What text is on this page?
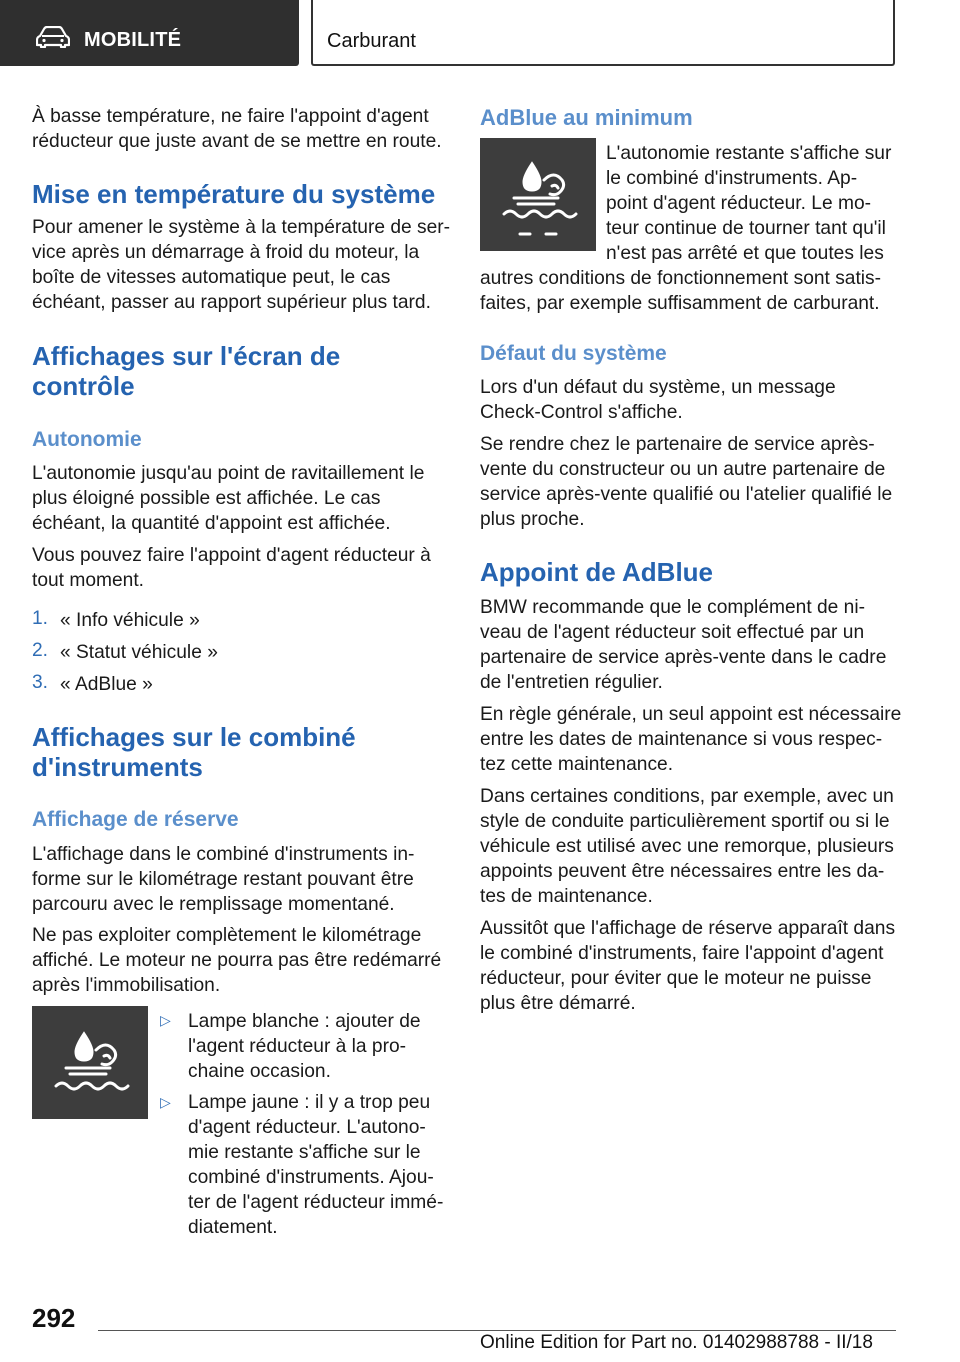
MOBILITÉ	Carburant
À basse température, ne faire l'appoint d'agent
réducteur que juste avant de se mettre en route.
Mise en température du système
Pour amener le système à la température de ser-
vice après un démarrage à froid du moteur, la
boîte de vitesses automatique peut, le cas
échéant, passer au rapport supérieur plus tard.
Affichages sur l'écran de
contrôle
Autonomie
L'autonomie jusqu'au point de ravitaillement le
plus éloigné possible est affichée. Le cas
échéant, la quantité d'appoint est affichée.
Vous pouvez faire l'appoint d'agent réducteur à
tout moment.
1. « Info véhicule »
2. « Statut véhicule »
3. « AdBlue »
Affichages sur le combiné
d'instruments
Affichage de réserve
L'affichage dans le combiné d'instruments in-
forme sur le kilométrage restant pouvant être
parcouru avec le remplissage momentané.
Ne pas exploiter complètement le kilométrage
affiché. Le moteur ne pourra pas être redémarré
après l'immobilisation.
▷ Lampe blanche : ajouter de
l'agent réducteur à la pro-
chaine occasion.
▷ Lampe jaune : il y a trop peu
d'agent réducteur. L'autono-
mie restante s'affiche sur le
combiné d'instruments. Ajou-
ter de l'agent réducteur immé-
diatement.
AdBlue au minimum
L'autonomie restante s'affiche sur
le combiné d'instruments. Ap-
point d'agent réducteur. Le mo-
teur continue de tourner tant qu'il
n'est pas arrêté et que toutes les
autres conditions de fonctionnement sont satis-
faites, par exemple suffisamment de carburant.
Défaut du système
Lors d'un défaut du système, un message
Check-Control s'affiche.
Se rendre chez le partenaire de service après-
vente du constructeur ou un autre partenaire de
service après-vente qualifié ou l'atelier qualifié le
plus proche.
Appoint de AdBlue
BMW recommande que le complément de ni-
veau de l'agent réducteur soit effectué par un
partenaire de service après-vente dans le cadre
de l'entretien régulier.
En règle générale, un seul appoint est nécessaire
entre les dates de maintenance si vous respec-
tez cette maintenance.
Dans certaines conditions, par exemple, avec un
style de conduite particulièrement sportif ou si le
véhicule est utilisé avec une remorque, plusieurs
appoints peuvent être nécessaires entre les da-
tes de maintenance.
Aussitôt que l'affichage de réserve apparaît dans
le combiné d'instruments, faire l'appoint d'agent
réducteur, pour éviter que le moteur ne puisse
plus être démarré.
292
Online Edition for Part no. 01402988788 - II/18
